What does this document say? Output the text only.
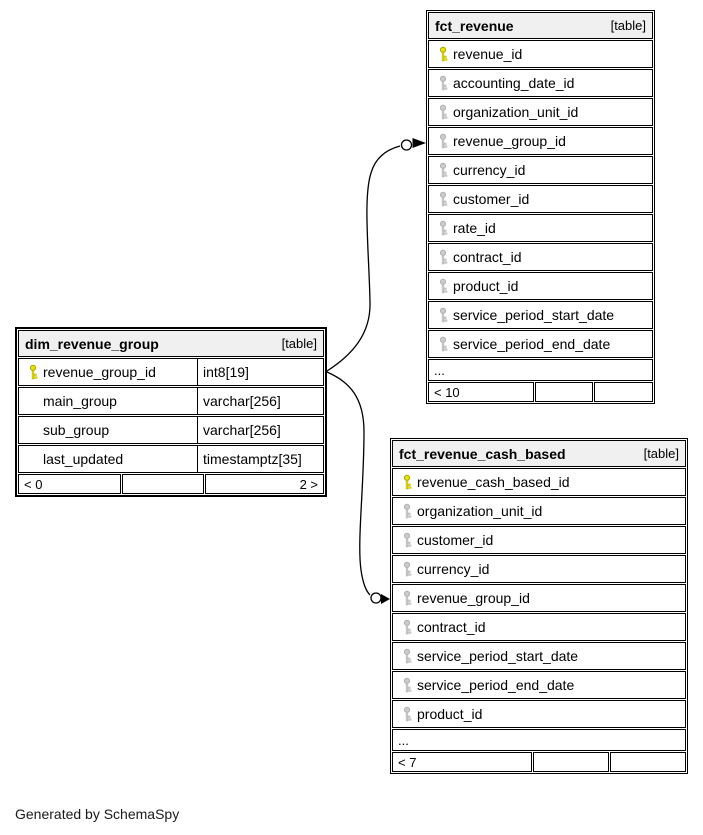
fct_revenue	[table]
revenue_id
accounting_date_id
organization_unit_id
revenue_group_id
currency_id
customer_id
rate_id
contract_id
product_id
service_period_start_date
service_period_end_date
...
< 10
dim_revenue_group	[table]
revenue_group_id	int8[19]
main_group	varchar[256]
sub_group	varchar[256]
last_updated	timestamptz[35]
< 0	2 >
fct_revenue_cash_based	[table]
revenue_cash_based_id
organization_unit_id
customer_id
currency_id
revenue_group_id
contract_id
service_period_start_date
service_period_end_date
product_id
...
< 7
Generated by SchemaSpy
